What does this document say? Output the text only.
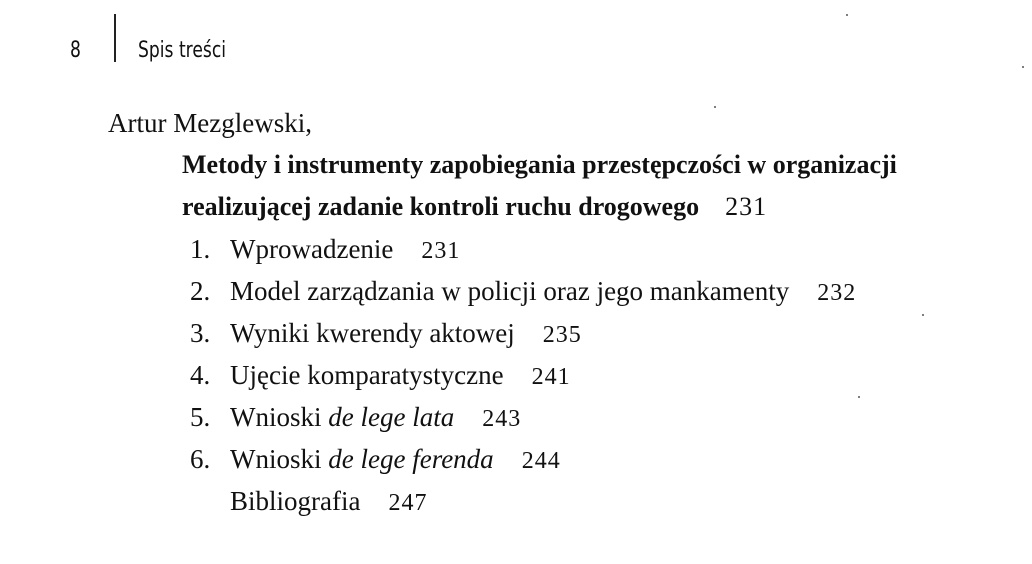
8	Spis treści
Artur Mezglewski,
Metody i instrumenty zapobiegania przestępczości w organizacji
realizującej zadanie kontroli ruchu drogowego 231
1. Wprowadzenie 231
2. Model zarządzania w policji oraz jego mankamenty 232
3. Wyniki kwerendy aktowej 235
4. Ujęcie komparatystyczne 241
5. Wnioski de lege lata 243
6. Wnioski de lege ferenda 244
Bibliografia 247
